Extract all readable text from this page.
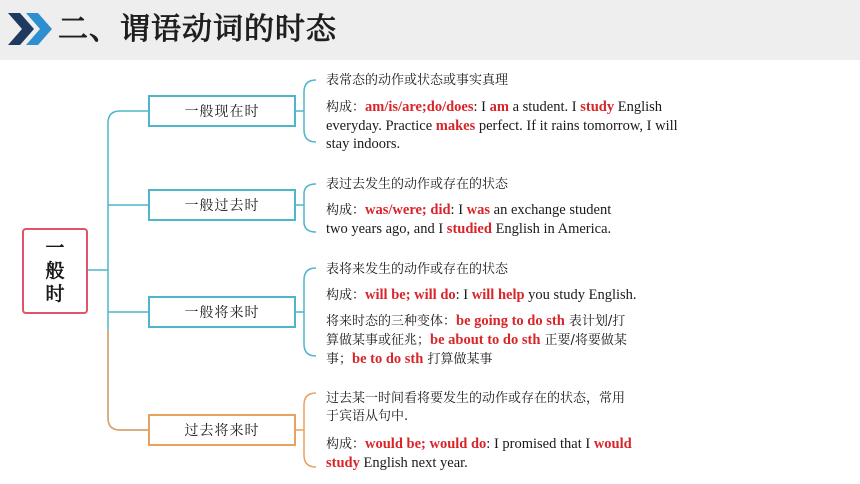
二、谓语动词的时态
一般时
一般现在时
一般过去时
一般将来时
过去将来时
表常态的动作或状态或事实真理
构成：am/is/are;do/does: I am a student. I study English
everyday. Practice makes perfect. If it rains tomorrow, I will
stay indoors.
表过去发生的动作或存在的状态
构成：was/were; did: I was an exchange student
two years ago, and I studied English in America.
表将来发生的动作或存在的状态
构成：will be; will do: I will help you study English.
将来时态的三种变体：be going to do sth 表计划/打
算做某事或征兆；be about to do sth 正要/将要做某
事；be to do sth 打算做某事
过去某一时间看将要发生的动作或存在的状态，常用
于宾语从句中.
构成：would be; would do: I promised that I would
study English next year.
